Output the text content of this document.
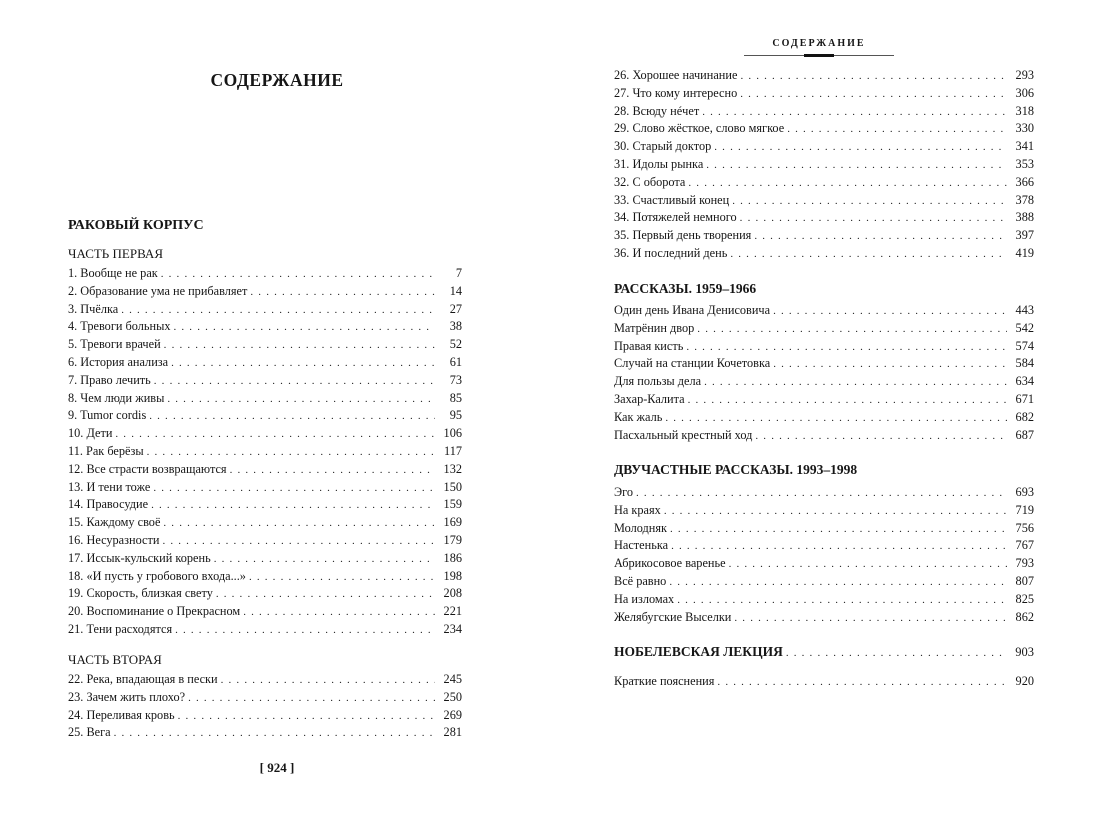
СОДЕРЖАНИЕ
РАКОВЫЙ КОРПУС
ЧАСТЬ ПЕРВАЯ
1. Вообще не рак . . .	7
2. Образование ума не прибавляет . . .	14
3. Пчёлка . . .	27
4. Тревоги больных . . .	38
5. Тревоги врачей . . .	52
6. История анализа . . .	61
7. Право лечить . . .	73
8. Чем люди живы . . .	85
9. Tumor cordis . . .	95
10. Дети . . .	106
11. Рак берёзы . . .	117
12. Все страсти возвращаются . . .	132
13. И тени тоже . . .	150
14. Правосудие . . .	159
15. Каждому своё . . .	169
16. Несуразности . . .	179
17. Иссык-кульский корень . . .	186
18. «И пусть у гробового входа...» . . .	198
19. Скорость, близкая свету . . .	208
20. Воспоминание о Прекрасном . . .	221
21. Тени расходятся . . .	234
ЧАСТЬ ВТОРАЯ
22. Река, впадающая в пески . . .	245
23. Зачем жить плохо? . . .	250
24. Переливая кровь . . .	269
25. Вега . . .	281
[ 924 ]
СОДЕРЖАНИЕ
26. Хорошее начинание . . .	293
27. Что кому интересно . . .	306
28. Всюду нéчет . . .	318
29. Слово жёсткое, слово мягкое . . .	330
30. Старый доктор . . .	341
31. Идолы рынка . . .	353
32. С оборота . . .	366
33. Счастливый конец . . .	378
34. Потяжелей немного . . .	388
35. Первый день творения . . .	397
36. И последний день . . .	419
РАССКАЗЫ. 1959–1966
Один день Ивана Денисовича . . .	443
Матрёнин двор . . .	542
Правая кисть . . .	574
Случай на станции Кочетовка . . .	584
Для пользы дела . . .	634
Захар-Калита . . .	671
Как жаль . . .	682
Пасхальный крестный ход . . .	687
ДВУЧАСТНЫЕ РАССКАЗЫ. 1993–1998
Эго . . .	693
На краях . . .	719
Молодняк . . .	756
Настенька . . .	767
Абрикосовое варенье . . .	793
Всё равно . . .	807
На изломах . . .	825
Желябугские Выселки . . .	862
НОБЕЛЕВСКАЯ ЛЕКЦИЯ . . .	903
Краткие пояснения . . .	920
